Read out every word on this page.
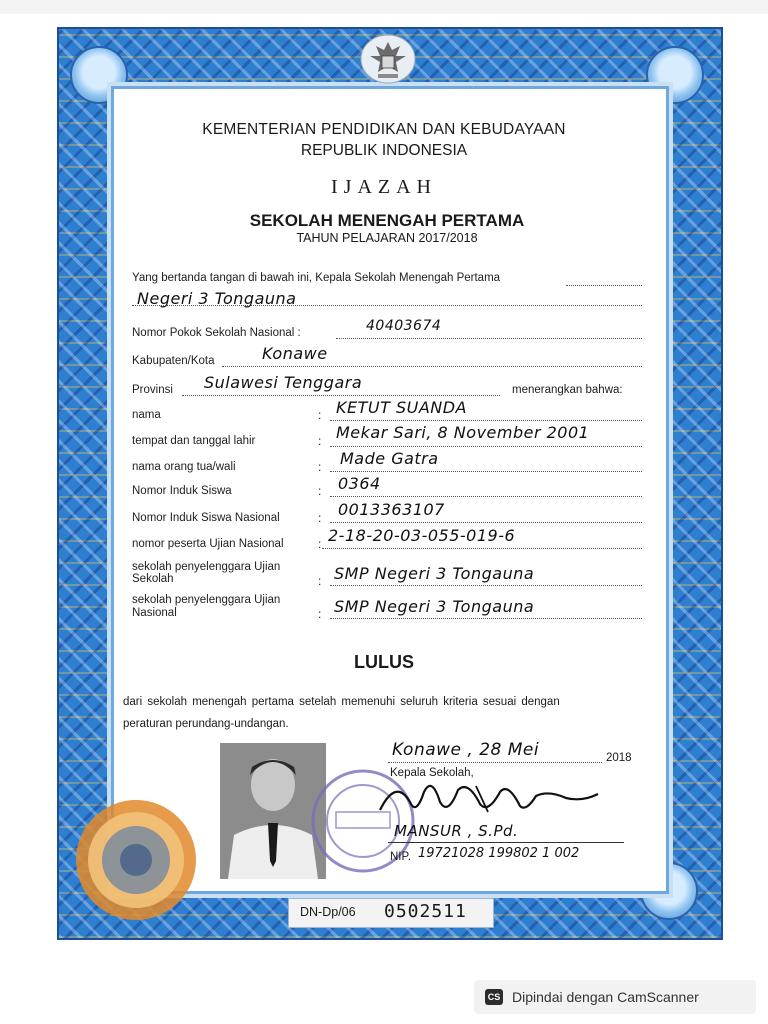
KEMENTERIAN PENDIDIKAN DAN KEBUDAYAAN
REPUBLIK INDONESIA
IJAZAH
SEKOLAH MENENGAH PERTAMA
TAHUN PELAJARAN 2017/2018
Yang bertanda tangan di bawah ini, Kepala Sekolah Menengah Pertama
Negeri 3 Tongauna
Nomor Pokok Sekolah Nasional :	40403674
Kabupaten/Kota	Konawe
Provinsi Sulawesi Tenggara	menerangkan bahwa:
nama	: KETUT SUANDA
tempat dan tanggal lahir	: Mekar Sari, 8 November 2001
nama orang tua/wali	: Made Gatra
Nomor Induk Siswa	: 0364
Nomor Induk Siswa Nasional	: 0013363107
nomor peserta Ujian Nasional	: 2-18-20-03-055-019-6
sekolah penyelenggara Ujian
Sekolah	: SMP Negeri 3 Tongauna
sekolah penyelenggara Ujian
Nasional	: SMP Negeri 3 Tongauna
LULUS
dari sekolah menengah pertama setelah memenuhi seluruh kriteria sesuai dengan
peraturan perundang-undangan.
Konawe , 28 Mei	2018
Kepala Sekolah,
MANSUR , S.Pd.
NIP. 19721028 199802 1 002
DN-Dp/06 0502511
CS Dipindai dengan CamScanner
